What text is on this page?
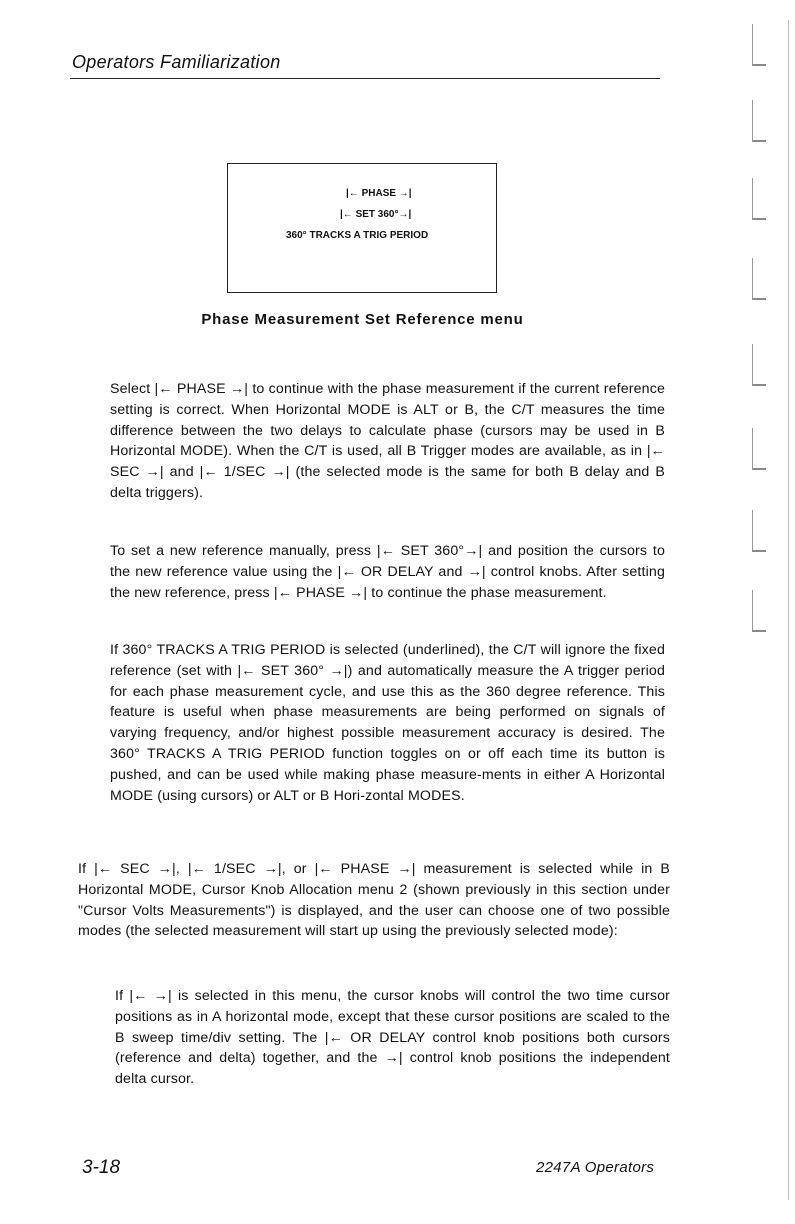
Operators Familiarization
|← PHASE →|
|← SET 360°→|
360° TRACKS A TRIG PERIOD
Phase Measurement Set Reference menu

Select |← PHASE →| to continue with the phase measurement if the current reference setting is correct. When Horizontal MODE is ALT or B, the C/T measures the time difference between the two delays to calculate phase (cursors may be used in B Horizontal MODE). When the C/T is used, all B Trigger modes are available, as in |← SEC →| and |← 1/SEC →| (the selected mode is the same for both B delay and B delta triggers).

To set a new reference manually, press |← SET 360°→| and position the cursors to the new reference value using the |← OR DELAY and →| control knobs. After setting the new reference, press |← PHASE →| to continue the phase measurement.

If 360° TRACKS A TRIG PERIOD is selected (underlined), the C/T will ignore the fixed reference (set with |← SET 360° →|) and automatically measure the A trigger period for each phase measurement cycle, and use this as the 360 degree reference. This feature is useful when phase measurements are being performed on signals of varying frequency, and/or highest possible measurement accuracy is desired. The 360° TRACKS A TRIG PERIOD function toggles on or off each time its button is pushed, and can be used while making phase measure-ments in either A Horizontal MODE (using cursors) or ALT or B Hori-zontal MODES.

If |← SEC →|, |← 1/SEC →|, or |← PHASE →| measurement is selected while in B Horizontal MODE, Cursor Knob Allocation menu 2 (shown previously in this section under "Cursor Volts Measurements") is displayed, and the user can choose one of two possible modes (the selected measurement will start up using the previously selected mode):

If |← →| is selected in this menu, the cursor knobs will control the two time cursor positions as in A horizontal mode, except that these cursor positions are scaled to the B sweep time/div setting. The |← OR DELAY control knob positions both cursors (reference and delta) together, and the →| control knob positions the independent delta cursor.

3-18	2247A Operators
